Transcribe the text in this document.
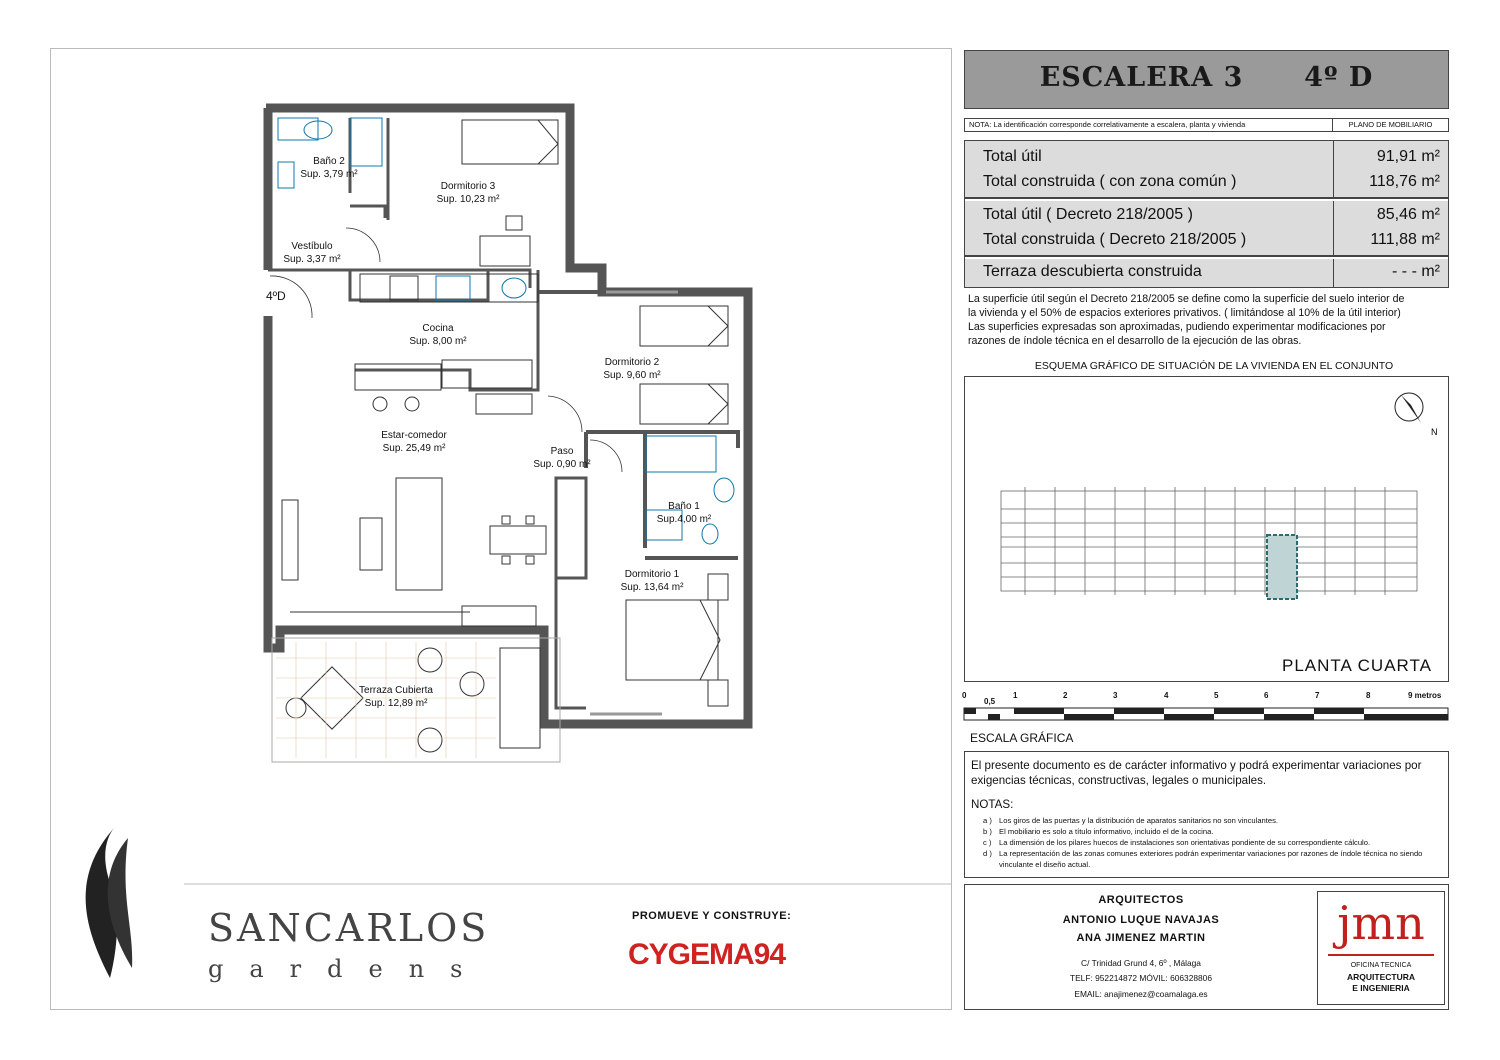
Baño 2
Sup. 3,79 m²
Dormitorio 3
Sup. 10,23 m²
Vestíbulo
Sup. 3,37 m²
Cocina
Sup. 8,00 m²
Dormitorio 2
Sup. 9,60 m²
Estar-comedor
Sup. 25,49 m²	Paso
Sup. 0,90 m²
Baño 1
Sup.4,00 m²
Dormitorio 1
Sup. 13,64 m²
Terraza Cubierta
Sup. 12,89 m²
4ºD
SANCARLOS
gardens
PROMUEVE Y CONSTRUYE:
CYGEMA94
ESCALERA 3 4º D
NOTA: La identificación corresponde correlativamente a escalera, planta y vivienda	PLANO DE MOBILIARIO
Total útil	91,91 m²
Total construida ( con zona común )	118,76 m²
Total útil ( Decreto 218/2005 )	85,46 m²
Total construida ( Decreto 218/2005 )	111,88 m²
Terraza descubierta construida	- - - m²
La superficie útil según el Decreto 218/2005 se define como la superficie del suelo interior de
la vivienda y el 50% de espacios exteriores privativos. ( limitándose al 10% de la útil interior)
Las superficies expresadas son aproximadas, pudiendo experimentar modificaciones por
razones de índole técnica en el desarrollo de la ejecución de las obras.
ESQUEMA GRÁFICO DE SITUACIÓN DE LA VIVIENDA EN EL CONJUNTO
N
PLANTA CUARTA
0
0,5
1	2	3	4	5	6	7	8	9 metros
ESCALA GRÁFICA
El presente documento es de carácter informativo y podrá experimentar variaciones por exigencias técnicas, constructivas, legales o municipales.
NOTAS:
a ) Los giros de las puertas y la distribución de aparatos sanitarios no son vinculantes.
b ) El mobiliario es solo a título informativo, incluido el de la cocina.
c ) La dimensión de los pilares huecos de instalaciones son orientativas pondiente de su correspondiente cálculo.
d ) La representación de las zonas comunes exteriores podrán experimentar variaciones por razones de índole técnica no siendo vinculante el diseño actual.
ARQUITECTOS
ANTONIO LUQUE NAVAJAS
ANA JIMENEZ MARTIN
C/ Trinidad Grund 4, 6º , Málaga
TELF: 952214872 MÓVIL: 606328806
EMAIL: anajimenez@coamalaga.es
jmn
OFICINA TECNICA
ARQUITECTURA
E INGENIERIA
